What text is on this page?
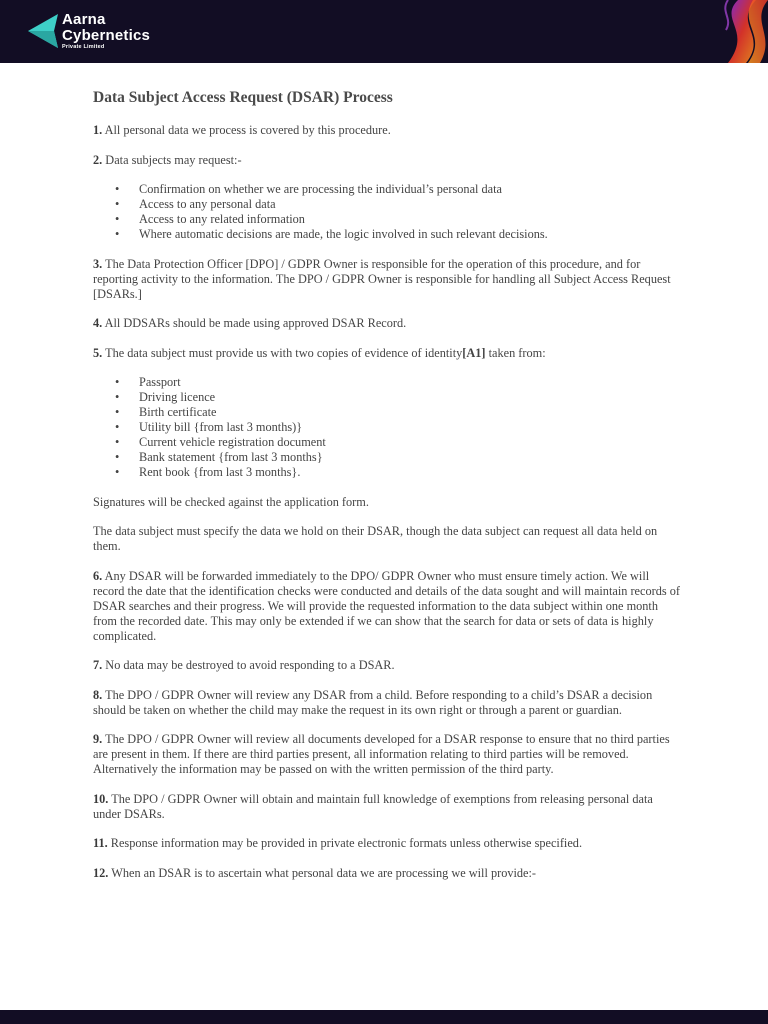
Aarna
Cybernetics
Private Limited
Data Subject Access Request (DSAR) Process

1. All personal data we process is covered by this procedure.

2. Data subjects may request:-

• Confirmation on whether we are processing the individual’s personal data
• Access to any personal data
• Access to any related information
• Where automatic decisions are made, the logic involved in such relevant decisions.

3. The Data Protection Officer [DPO] / GDPR Owner is responsible for the operation of this procedure, and for reporting activity to the information. The DPO / GDPR Owner is responsible for handling all Subject Access Request [DSARs.]

4. All DDSARs should be made using approved DSAR Record.

5. The data subject must provide us with two copies of evidence of identity[A1] taken from:

• Passport
• Driving licence
• Birth certificate
• Utility bill {from last 3 months)}
• Current vehicle registration document
• Bank statement {from last 3 months}
• Rent book {from last 3 months}.

Signatures will be checked against the application form.

The data subject must specify the data we hold on their DSAR, though the data subject can request all data held on them.

6. Any DSAR will be forwarded immediately to the DPO/ GDPR Owner who must ensure timely action. We will record the date that the identification checks were conducted and details of the data sought and will maintain records of DSAR searches and their progress. We will provide the requested information to the data subject within one month from the recorded date. This may only be extended if we can show that the search for data or sets of data is highly complicated.

7. No data may be destroyed to avoid responding to a DSAR.

8. The DPO / GDPR Owner will review any DSAR from a child. Before responding to a child’s DSAR a decision should be taken on whether the child may make the request in its own right or through a parent or guardian.

9. The DPO / GDPR Owner will review all documents developed for a DSAR response to ensure that no third parties are present in them. If there are third parties present, all information relating to third parties will be removed. Alternatively the information may be passed on with the written permission of the third party.

10. The DPO / GDPR Owner will obtain and maintain full knowledge of exemptions from releasing personal data under DSARs.

11. Response information may be provided in private electronic formats unless otherwise specified.

12. When an DSAR is to ascertain what personal data we are processing we will provide:-
